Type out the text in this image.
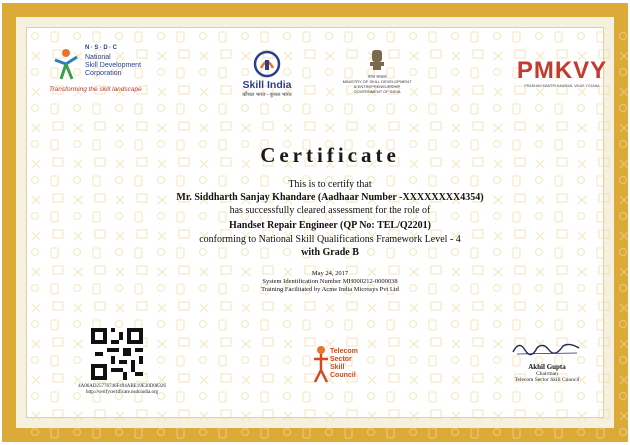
N·S·D·C
National
Skill Development
Corporation
Transforming the skill landscape	Skill India
कौशल भारत - कुशल भारत
भारत सरकार
MINISTRY OF SKILL DEVELOPMENT
& ENTREPRENEURSHIP
GOVERNMENT OF INDIA
PMKVY
PRADHAN MANTRI KAUSHAL VIKAS YOJANA
Certificate
This is to certify that
Mr. Siddharth Sanjay Khandare (Aadhaar Number -XXXXXXXX4354)
has successfully cleared assessment for the role of
Handset Repair Engineer (QP No: TEL/Q2201)
conforming to National Skill Qualifications Framework Level - 4
with Grade B
May 24, 2017
System Identification Number MH000212-0000038
Training Facilitated by Acme India Microsys Pvt Ltd
4A06AD25776746F494ABE19E30D08326
http://verifycertificate.nsdcindia.org
Telecom
Sector
Skill
Council
Akhil Gupta
Chairman
Telecom Sector Skill Council
